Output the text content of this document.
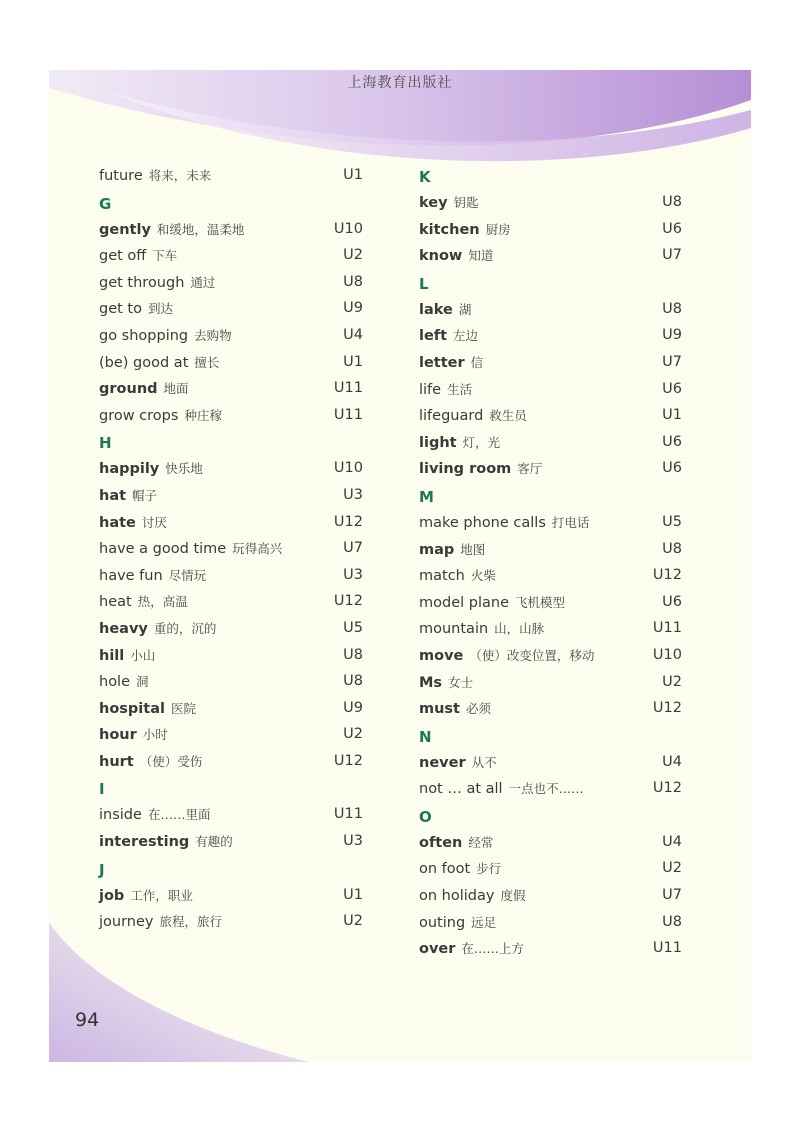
上海教育出版社
future 将来，未来	U1
G
gently 和缓地，温柔地	U10
get off 下车	U2
get through 通过	U8
get to 到达	U9
go shopping 去购物	U4
(be) good at 擅长	U1
ground 地面	U11
grow crops 种庄稼	U11
H
happily 快乐地	U10
hat 帽子	U3
hate 讨厌	U12
have a good time 玩得高兴	U7
have fun 尽情玩	U3
heat 热，高温	U12
heavy 重的，沉的	U5
hill 小山	U8
hole 洞	U8
hospital 医院	U9
hour 小时	U2
hurt （使）受伤	U12
I
inside 在……里面	U11
interesting 有趣的	U3
J
job 工作，职业	U1
journey 旅程，旅行	U2
K
key 钥匙	U8
kitchen 厨房	U6
know 知道	U7
L
lake 湖	U8
left 左边	U9
letter 信	U7
life 生活	U6
lifeguard 救生员	U1
light 灯，光	U6
living room 客厅	U6
M
make phone calls 打电话	U5
map 地图	U8
match 火柴	U12
model plane 飞机模型	U6
mountain 山，山脉	U11
move （使）改变位置，移动	U10
Ms 女士	U2
must 必须	U12
N
never 从不	U4
not … at all 一点也不……	U12
O
often 经常	U4
on foot 步行	U2
on holiday 度假	U7
outing 远足	U8
over 在……上方	U11
94
